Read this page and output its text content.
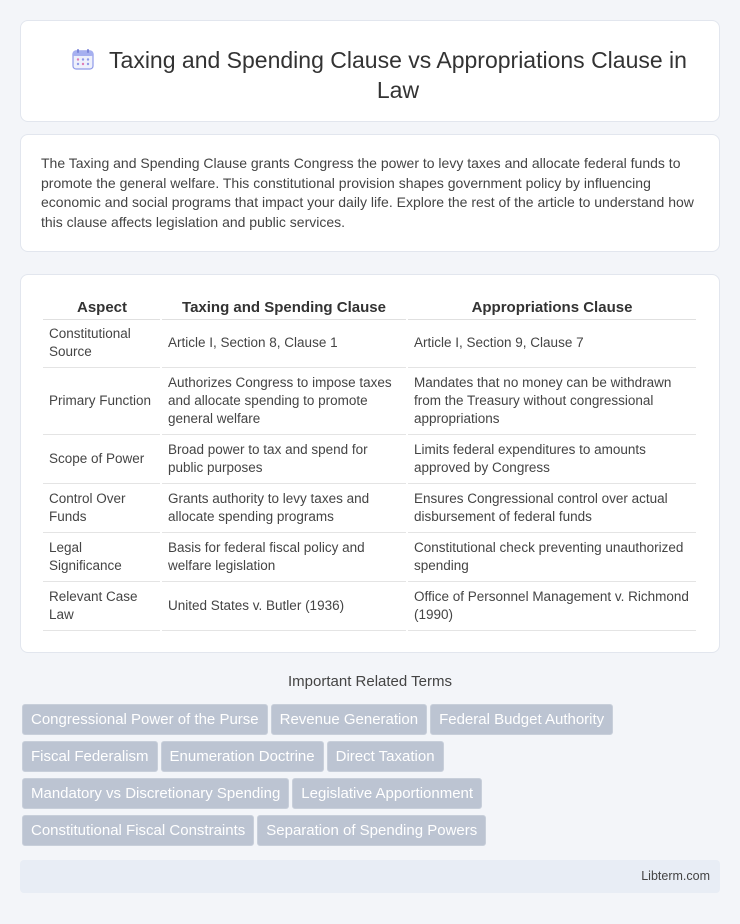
Taxing and Spending Clause vs Appropriations Clause in Law

The Taxing and Spending Clause grants Congress the power to levy taxes and allocate federal funds to promote the general welfare. This constitutional provision shapes government policy by influencing economic and social programs that impact your daily life. Explore the rest of the article to understand how this clause affects legislation and public services.

Aspect	Taxing and Spending Clause	Appropriations Clause
Constitutional Source	Article I, Section 8, Clause 1	Article I, Section 9, Clause 7
Primary Function	Authorizes Congress to impose taxes and allocate spending to promote general welfare	Mandates that no money can be withdrawn from the Treasury without congressional appropriations
Scope of Power	Broad power to tax and spend for public purposes	Limits federal expenditures to amounts approved by Congress
Control Over Funds	Grants authority to levy taxes and allocate spending programs	Ensures Congressional control over actual disbursement of federal funds
Legal Significance	Basis for federal fiscal policy and welfare legislation	Constitutional check preventing unauthorized spending
Relevant Case Law	United States v. Butler (1936)	Office of Personnel Management v. Richmond (1990)
Important Related Terms
Congressional Power of the Purse Revenue Generation Federal Budget Authority
Fiscal Federalism Enumeration Doctrine Direct Taxation
Mandatory vs Discretionary Spending Legislative Apportionment
Constitutional Fiscal Constraints Separation of Spending Powers
Libterm.com
